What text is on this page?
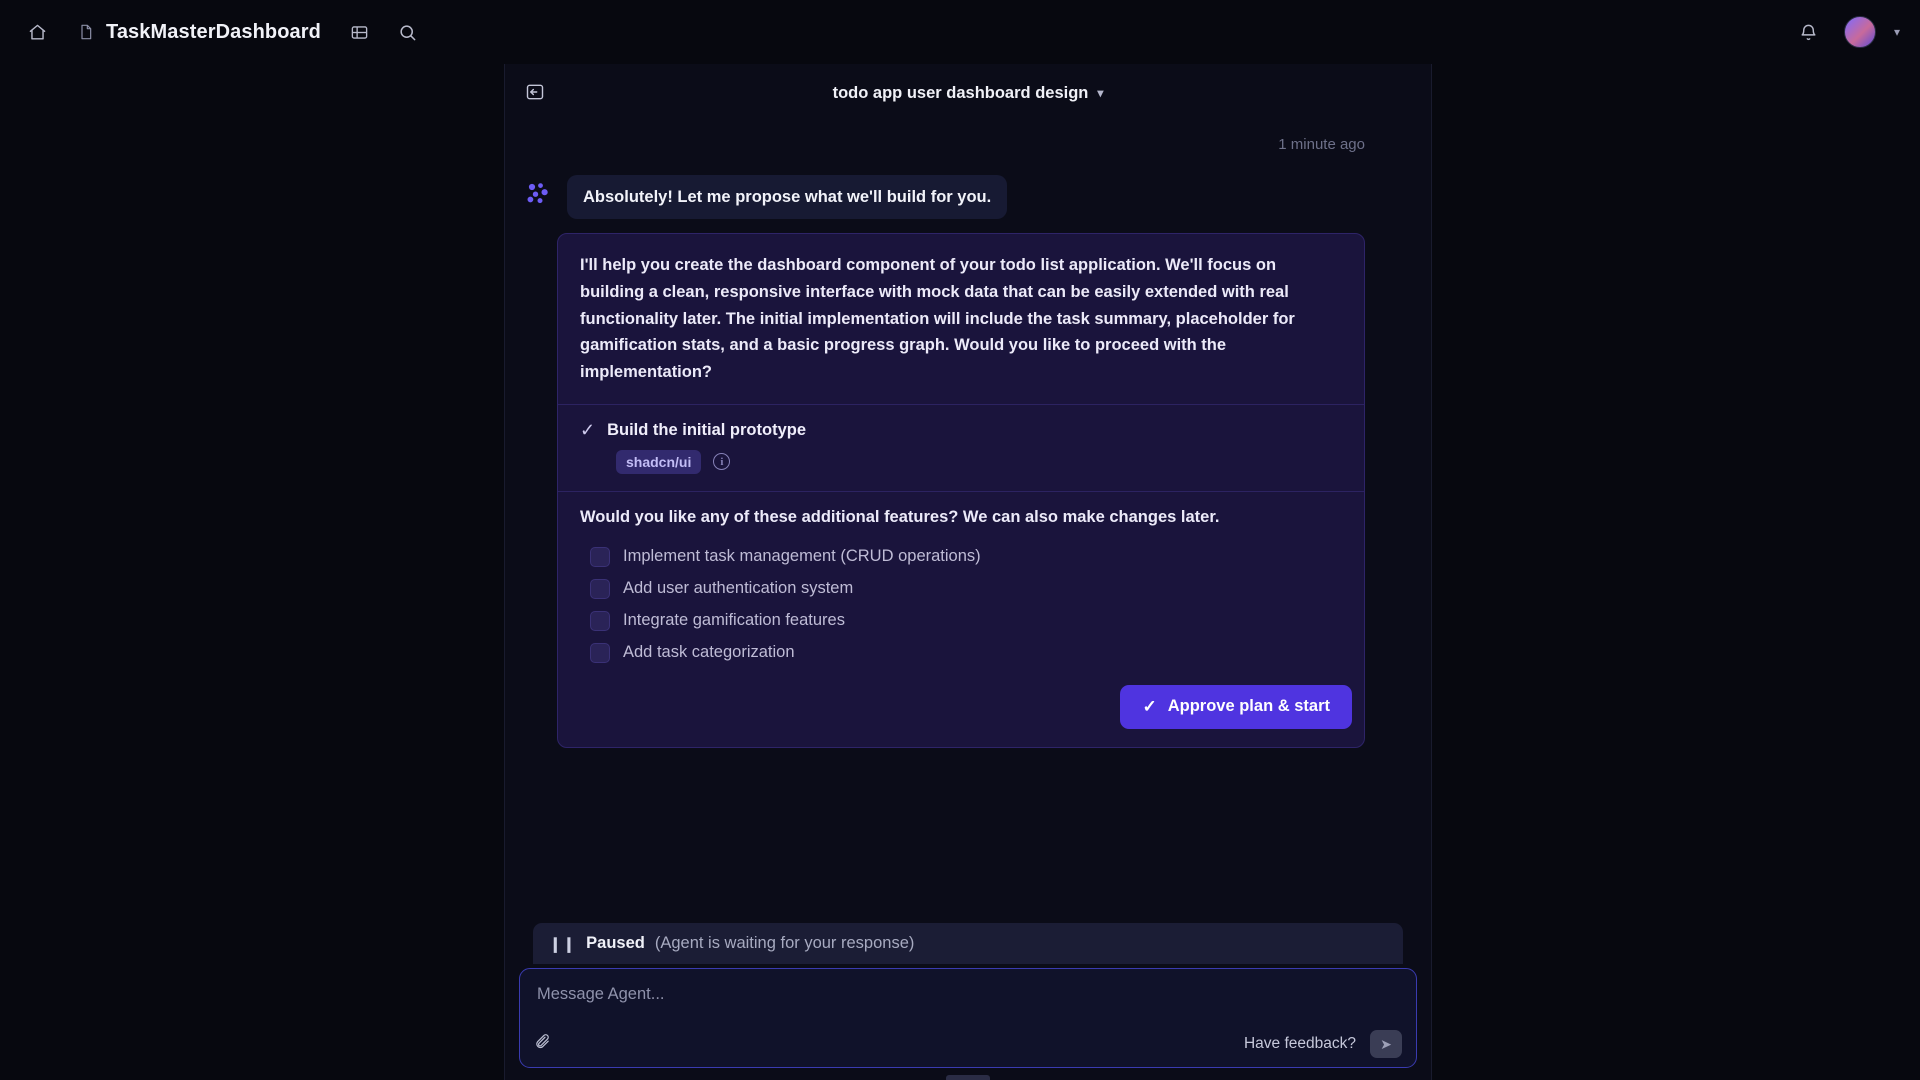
TaskMasterDashboard	▾
todo app user dashboard design ▾
1 minute ago
Absolutely! Let me propose what we'll build for you.
I'll help you create the dashboard component of your todo list application. We'll focus on building a clean, responsive interface with mock data that can be easily extended with real functionality later. The initial implementation will include the task summary, placeholder for gamification stats, and a basic progress graph. Would you like to proceed with the implementation?
✓ Build the initial prototype
shadcn/ui	i
Would you like any of these additional features? We can also make changes later.
Implement task management (CRUD operations)
Add user authentication system
Integrate gamification features
Add task categorization
✓ Approve plan & start
❙❙ Paused (Agent is waiting for your response)
Message Agent...
Have feedback?	➤
